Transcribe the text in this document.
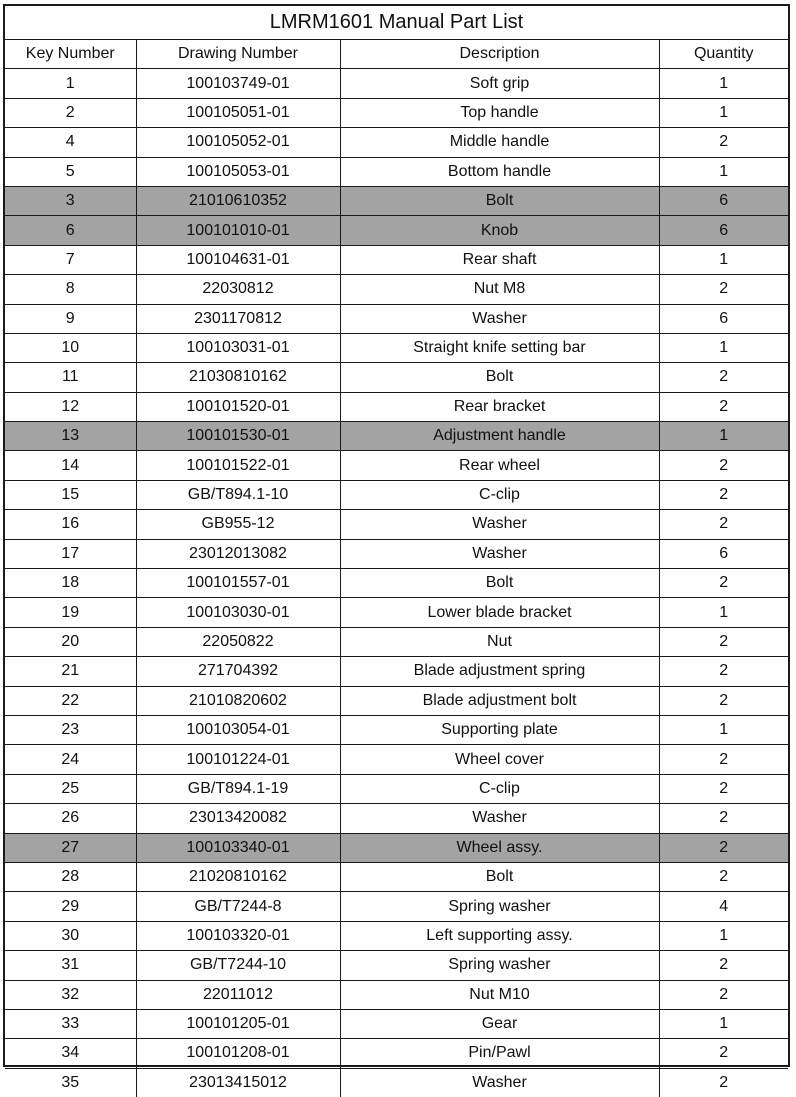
LMRM1601 Manual Part List
Key Number	Drawing Number	Description	Quantity
1	100103749-01	Soft grip	1
2	100105051-01	Top handle	1
4	100105052-01	Middle handle	2
5	100105053-01	Bottom handle	1
3	21010610352	Bolt	6
6	100101010-01	Knob	6
7	100104631-01	Rear shaft	1
8	22030812	Nut M8	2
9	2301170812	Washer	6
10	100103031-01	Straight knife setting bar	1
11	21030810162	Bolt	2
12	100101520-01	Rear bracket	2
13	100101530-01	Adjustment handle	1
14	100101522-01	Rear wheel	2
15	GB/T894.1-10	C-clip	2
16	GB955-12	Washer	2
17	23012013082	Washer	6
18	100101557-01	Bolt	2
19	100103030-01	Lower blade bracket	1
20	22050822	Nut	2
21	271704392	Blade adjustment spring	2
22	21010820602	Blade adjustment bolt	2
23	100103054-01	Supporting plate	1
24	100101224-01	Wheel cover	2
25	GB/T894.1-19	C-clip	2
26	23013420082	Washer	2
27	100103340-01	Wheel assy.	2
28	21020810162	Bolt	2
29	GB/T7244-8	Spring washer	4
30	100103320-01	Left supporting assy.	1
31	GB/T7244-10	Spring washer	2
32	22011012	Nut M10	2
33	100101205-01	Gear	1
34	100101208-01	Pin/Pawl	2
35	23013415012	Washer	2
